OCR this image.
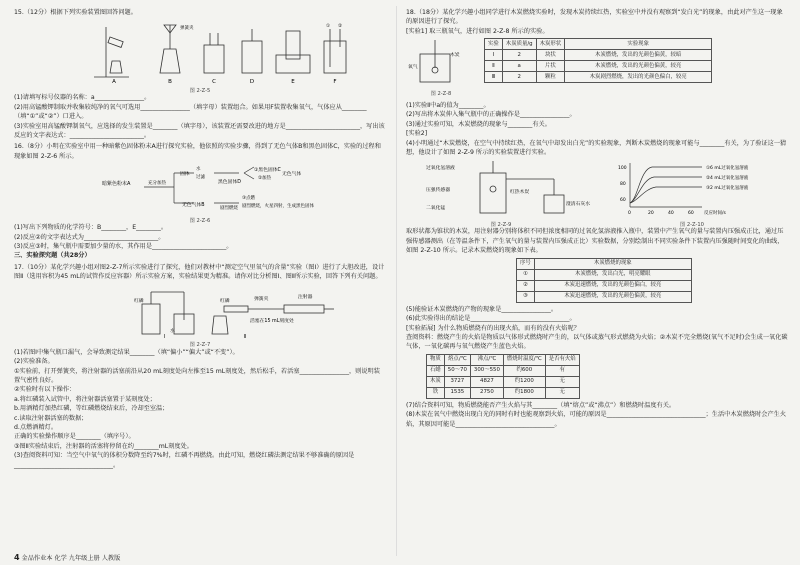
15.（12分）根据下列实验装置图回答问题。
A	B	C	D	E	F
弹簧夹	① ②
图 2-Z-5
(1)请填写标号仪器的名称：a________________。
(2)用高锰酸钾制取并收集较纯净的氧气可选用________________（填字母）装置组合。如果用F装置收集氧气，气体应从________（填“①”或“②”）口进入。
(3)实验室用高锰酸钾制氧气，应选择的发生装置是________（填字母），该装置还需要改进的地方是________________________，写出该反应的文字表达式：________________________。
16.（8分）小明在实验室中用一种暗紫色固体粉末A进行探究实验，他依照的实验步骤，得到了无色气体B和黑色固体C，实验的过程和现象如图 2-Z-6 所示。
暗紫色粉末A	充分加热
固体
水
过滤
黑色固体D
无色气体B
剧烈燃烧
①黑色固体C
②加热
无色气体
③点燃
剧烈燃烧，火星四射，生成黑色固体
图 2-Z-6
(1)写出下列物质的化学符号：B________，E________。
(2)反应②的文字表达式为________________________。
(3)反应③时，集气瓶中需要加少量的水，其作用是________________________。
三、实验探究题（共28分）
17.（10分）某化学兴趣小组对图2-Z-7所示实验进行了探究，他们对教材中“测定空气里氧气的含量”实验（图Ⅰ）进行了大胆改进，设计图Ⅱ（选用容积为45 mL的试管作反应容器）所示实验方案，实验结果更为精准。请你对比分析图Ⅰ、图Ⅱ所示实验，回答下列有关问题。
红磷	弹簧夹	注射器
红磷
活塞在15 mL刻度处
水
Ⅰ	Ⅱ
图 2-Z-7
(1)若图Ⅰ中集气瓶口漏气，会导致测定结果________（填“偏小”“偏大”或“不变”）。
(2)实验准备。
①实验前，打开弹簧夹，将注射器的活塞前沿从20 mL刻度处向左推至15 mL刻度处，然后松手，若活塞________________，则说明装置气密性良好。
②实验时有以下操作：
a.将红磷装入试管中，将注射器活塞置于某刻度处；
b.用酒精灯加热红磷，等红磷燃烧结束后，冷却至室温；
c.读取注射器活塞的数据；
d.点燃酒精灯。
正确的实验操作顺序是________（填序号）。
③图Ⅱ实验结束后，注射器的活塞将停留在约________mL刻度处。
(3)查阅资料可知：当空气中氧气的体积分数降至约7%时，红磷不再燃烧。由此可知，燃烧红磷法测定结果不够准确的原因是________________________________。
18.（18分）某化学兴趣小组同学进行木炭燃烧实验时，发现木炭持续红热，实验室中并没有观察到“发白光”的现象，由此对产生这一现象的原因进行了探究。
[实验1] 取三瓶氧气，进行如图 2-Z-8 所示的实验。
木炭
氧气
图 2-Z-8
实验	木炭质量/g	木炭形状	实验现象
Ⅰ	2	块状	木炭燃烧，发出的光颜色偏黄，较暗
Ⅱ	a	片状	木炭燃烧，发出的光颜色偏黄，较亮
Ⅲ	2	颗粒	木炭剧烈燃烧，发出的光颜色偏白，较亮
(1)实验Ⅱ中a的值为________。
(2)写出将木炭伸入集气瓶中的正确操作是________________。
(3)通过实验可知，木炭燃烧的现象与________有关。
[实验2]
(4)小明通过“木炭燃烧，在空气中持续红热，在氧气中却发出白光”的实验现象，判断木炭燃烧的现象可能与________有关，为了验证这一猜想，他设计了如图 2-Z-9 所示的实验装置进行实验。
过氧化氢溶液
压强传感器
二氧化锰
红热木炭
澄清石灰水
图 2-Z-9
100
80
60
0	20	40	60 反应时间/s
①6 mL过氧化氢溶液
②4 mL过氧化氢溶液
③2 mL过氧化氢溶液
图 2-Z-10
取形状都为锥状的木炭，用注射器分别将体积不同但浓度相同的过氧化氢溶液推入瓶中，装置中产生氧气的量与装置内压强成正比，通过压强传感器测出（在等温条件下，产生氧气的量与装置内压强成正比）实验数据，分别绘制出不同实验条件下装置内压强随时间变化的曲线，如图 2-Z-10 所示。记录木炭燃烧的现象如下表。
序号	木炭燃烧的现象
①	木炭燃烧，发出白光，明亮耀眼
②	木炭迅速燃烧，发出的光颜色偏白，较亮
③	木炭迅速燃烧，发出的光颜色偏黄，较亮
(5)能验证木炭燃烧的产物的现象是________________。
(6)此实验得出的结论是________________________________。
[实验拓展] 为什么物质燃烧有的出现火焰，而有的没有火焰呢？
查阅资料：燃烧产生的火焰是物质以气体形式燃烧时产生的，以气体或蒸气形式燃烧为火焰；②木炭不完全燃烧(氧气不足时)会生成一氧化碳气体，一氧化碳再与氧气燃烧产生蓝色火焰。
物质	熔点/℃	沸点/℃	燃烧时温度/℃	是否有火焰
石蜡	50～70	300～550	约600	有
木炭	3727	4827	约1200	无
铁	1535	2750	约1800	无
(7)结合资料可知，物质燃烧能否产生火焰与其________（填“熔点”或“沸点”）和燃烧时温度有关。
(8)木炭在氧气中燃烧出现白光的同时有时也能观察到火焰，可能的原因是________________________________；生活中木炭燃烧时会产生火焰，其原因可能是________________________________。
4 金品作业本 化学 九年级上册 人教版
